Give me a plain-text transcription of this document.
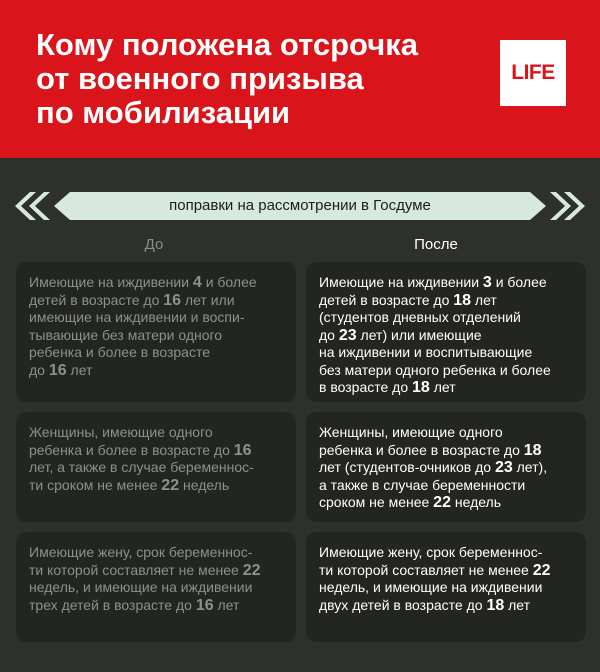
Кому положена отсрочка
от военного призыва
по мобилизации
LIFE
поправки на рассмотрении в Госдуме
До	После
Имеющие на иждивении 4 и более
детей в возрасте до 16 лет или
имеющие на иждивении и воспи-
тывающие без матери одного
ребенка и более в возрасте
до 16 лет
Имеющие на иждивении 3 и более
детей в возрасте до 18 лет
(студентов дневных отделений
до 23 лет) или имеющие
на иждивении и воспитывающие
без матери одного ребенка и более
в возрасте до 18 лет
Женщины, имеющие одного
ребенка и более в возрасте до 16
лет, а также в случае беременнос-
ти сроком не менее 22 недель
Женщины, имеющие одного
ребенка и более в возрасте до 18
лет (студентов-очников до 23 лет),
а также в случае беременности
сроком не менее 22 недель
Имеющие жену, срок беременнос-
ти которой составляет не менее 22
недель, и имеющие на иждивении
трех детей в возрасте до 16 лет
Имеющие жену, срок беременнос-
ти которой составляет не менее 22
недель, и имеющие на иждивении
двух детей в возрасте до 18 лет
